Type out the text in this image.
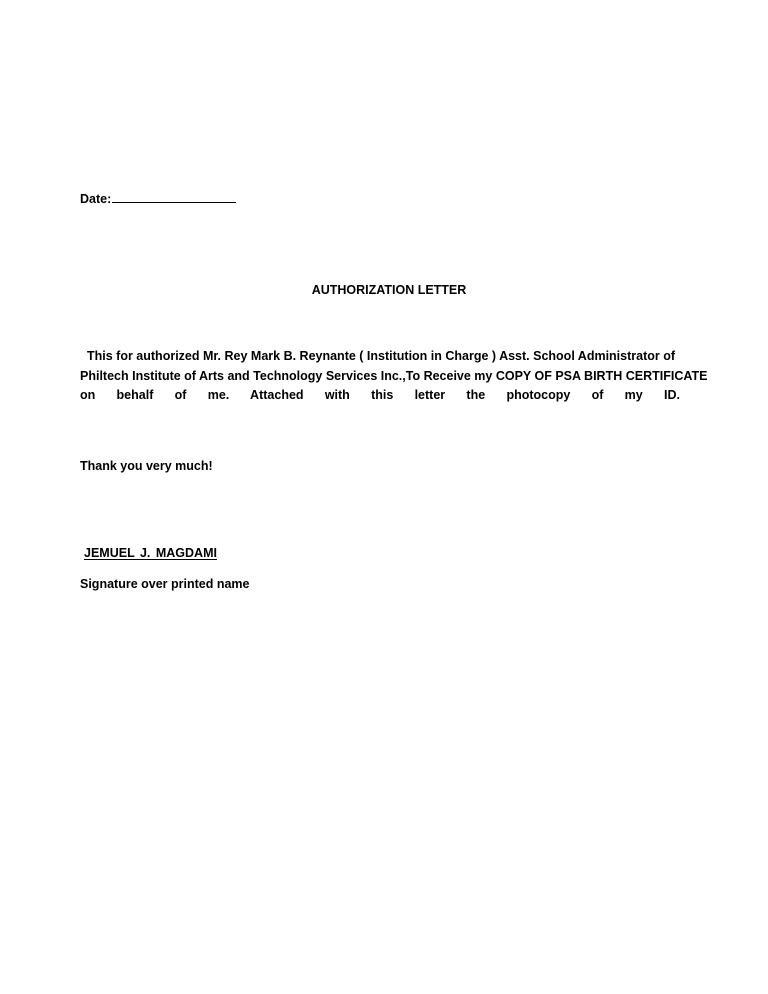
Date:
AUTHORIZATION LETTER
This for authorized Mr. Rey Mark B. Reynante ( Institution in Charge ) Asst. School Administrator of
Philtech Institute of Arts and Technology Services Inc.,To Receive my COPY OF PSA BIRTH CERTIFICATE
on behalf of me. Attached with this letter the photocopy of my ID.
Thank you very much!
JEMUEL J. MAGDAMI
Signature over printed name
